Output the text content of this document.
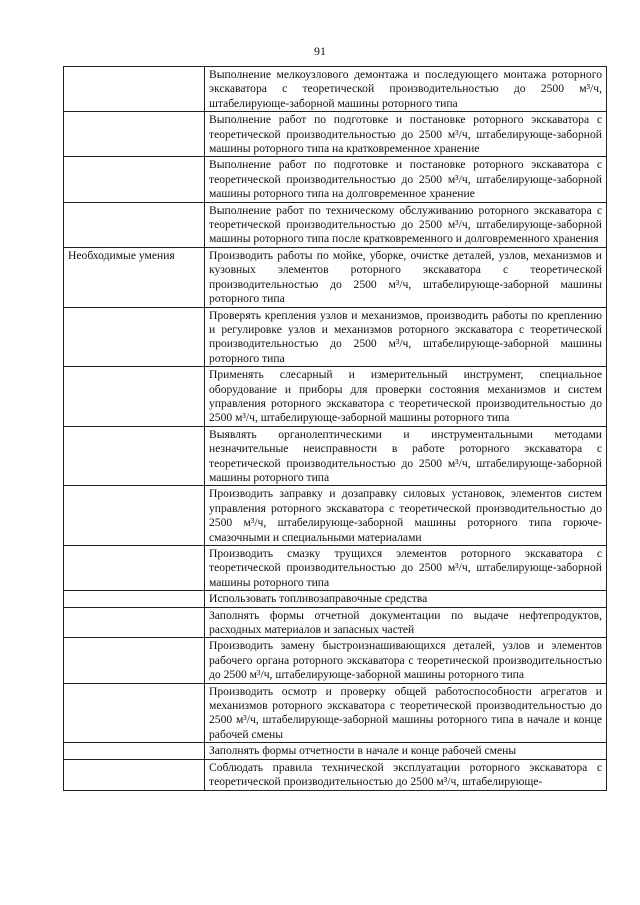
91
	Выполнение мелкоузлового демонтажа и последующего монтажа роторного экскаватора с теоретической производительностью до 2500 м³/ч, штабелирующе-заборной машины роторного типа
	Выполнение работ по подготовке и постановке роторного экскаватора с теоретической производительностью до 2500 м³/ч, штабелирующе-заборной машины роторного типа на кратковременное хранение
	Выполнение работ по подготовке и постановке роторного экскаватора с теоретической производительностью до 2500 м³/ч, штабелирующе-заборной машины роторного типа на долговременное хранение
	Выполнение работ по техническому обслуживанию роторного экскаватора с теоретической производительностью до 2500 м³/ч, штабелирующе-заборной машины роторного типа после кратковременного и долговременного хранения
Необходимые умения	Производить работы по мойке, уборке, очистке деталей, узлов, механизмов и кузовных элементов роторного экскаватора с теоретической производительностью до 2500 м³/ч, штабелирующе-заборной машины роторного типа
	Проверять крепления узлов и механизмов, производить работы по креплению и регулировке узлов и механизмов роторного экскаватора с теоретической производительностью до 2500 м³/ч, штабелирующе-заборной машины роторного типа
	Применять слесарный и измерительный инструмент, специальное оборудование и приборы для проверки состояния механизмов и систем управления роторного экскаватора с теоретической производительностью до 2500 м³/ч, штабелирующе-заборной машины роторного типа
	Выявлять органолептическими и инструментальными методами незначительные неисправности в работе роторного экскаватора с теоретической производительностью до 2500 м³/ч, штабелирующе-заборной машины роторного типа
	Производить заправку и дозаправку силовых установок, элементов систем управления роторного экскаватора с теоретической производительностью до 2500 м³/ч, штабелирующе-заборной машины роторного типа горюче-смазочными и специальными материалами
	Производить смазку трущихся элементов роторного экскаватора с теоретической производительностью до 2500 м³/ч, штабелирующе-заборной машины роторного типа
	Использовать топливозаправочные средства
	Заполнять формы отчетной документации по выдаче нефтепродуктов, расходных материалов и запасных частей
	Производить замену быстроизнашивающихся деталей, узлов и элементов рабочего органа роторного экскаватора с теоретической производительностью до 2500 м³/ч, штабелирующе-заборной машины роторного типа
	Производить осмотр и проверку общей работоспособности агрегатов и механизмов роторного экскаватора с теоретической производительностью до 2500 м³/ч, штабелирующе-заборной машины роторного типа в начале и конце рабочей смены
	Заполнять формы отчетности в начале и конце рабочей смены
	Соблюдать правила технической эксплуатации роторного экскаватора с теоретической производительностью до 2500 м³/ч, штабелирующе-
